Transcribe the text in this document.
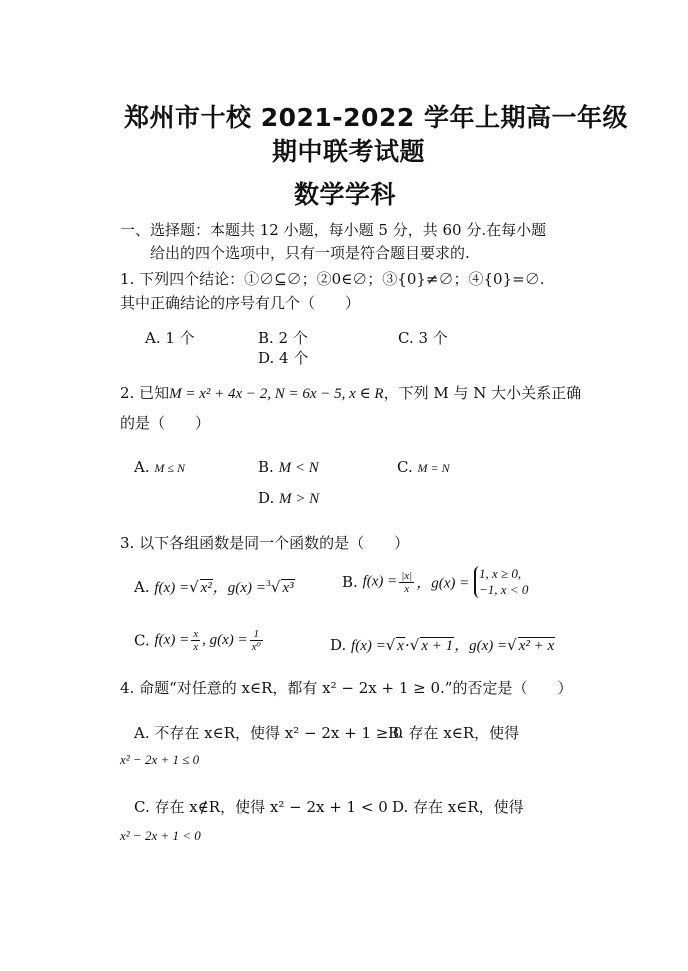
郑州市十校 2021-2022 学年上期高一年级
期中联考试题
数学学科
一、选择题：本题共 12 小题，每小题 5 分，共 60 分.在每小题
给出的四个选项中，只有一项是符合题目要求的.
1. 下列四个结论：①∅⊆∅；②0∈∅；③{0}≠∅；④{0}=∅.
其中正确结论的序号有几个（　　）
A. 1 个	B. 2 个	C. 3 个
D. 4 个
2. 已知M = x² + 4x − 2, N = 6x − 5, x ∈ R，下列 M 与 N 大小关系正确
的是（　　）
A. M ≤ N	B. M < N	C. M = N
D. M > N
3. 以下各组函数是同一个函数的是（　　）
A. f(x) =√ x²，g(x) =$^3$√ x³	B. $f(x) = \frac{|x|}{x}$ ，g(x) =
1, x ≥ 0,
−1, x < 0
C. $f(x) = \frac{x}{x}$ , $g(x) = \frac{1}{\text{x⁰}}$	D. f(x) =√ x·√ x + 1，g(x) =√ x² + x
4. 命题“对任意的 x∈R，都有 x² − 2x + 1 ≥ 0.”的否定是（　　）
A. 不存在 x∈R，使得 x² − 2x + 1 ≥ 0
B. 存在 x∈R，使得
x² − 2x + 1 ≤ 0
C. 存在 x∉R，使得 x² − 2x + 1 < 0 D. 存在 x∈R，使得
x² − 2x + 1 < 0
